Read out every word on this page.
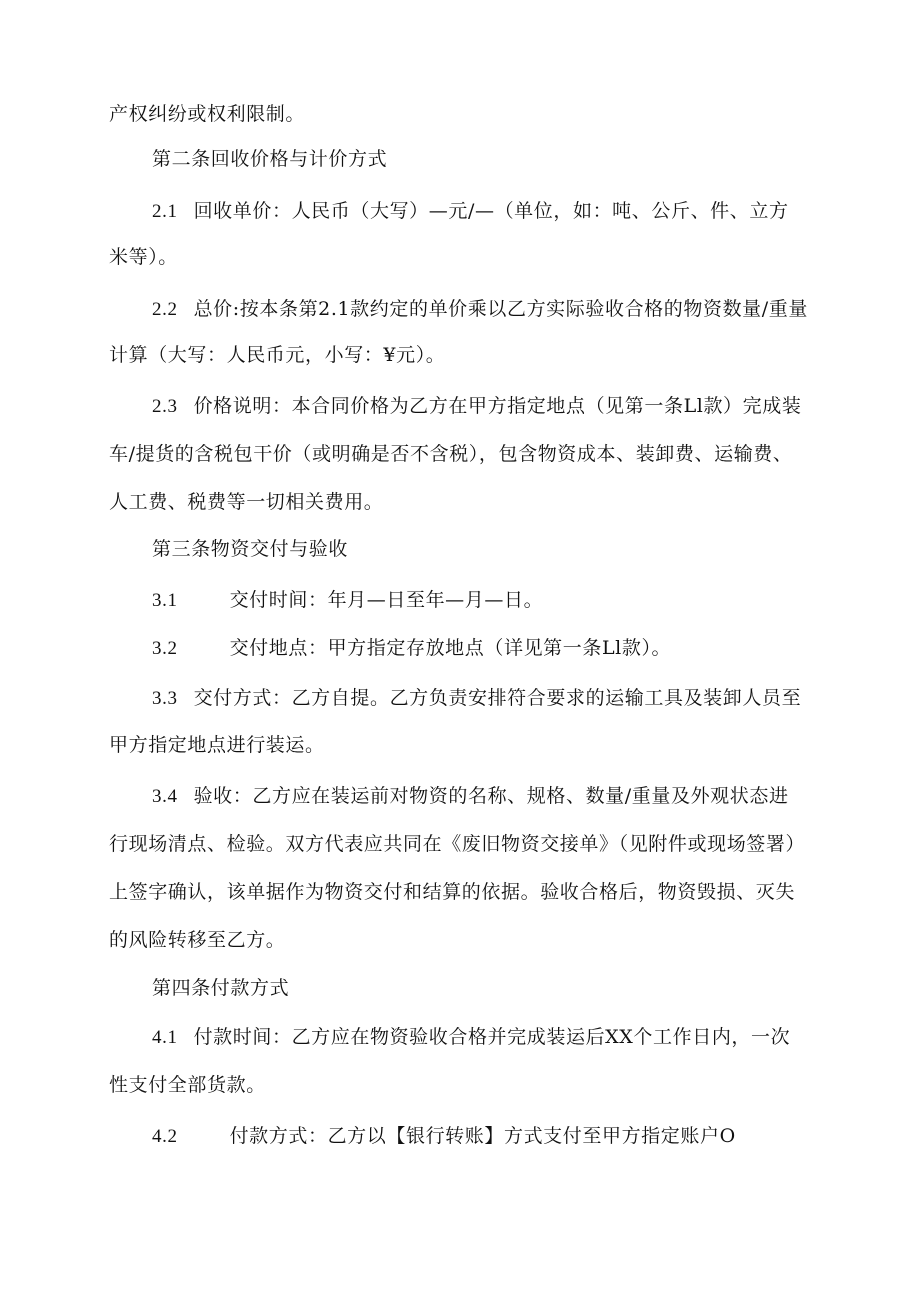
产权纠纷或权利限制。
第二条回收价格与计价方式
2.1 回收单价：人民币（大写）—元/—（单位，如：吨、公斤、件、立方
米等）。
2.2 总价:按本条第2.1款约定的单价乘以乙方实际验收合格的物资数量/重量
计算（大写：人民币元，小写：¥元）。
2.3 价格说明：本合同价格为乙方在甲方指定地点（见第一条Ll款）完成装
车/提货的含税包干价（或明确是否不含税），包含物资成本、装卸费、运输费、
人工费、税费等一切相关费用。
第三条物资交付与验收
3.1	交付时间：年月—日至年—月—日。
3.2	交付地点：甲方指定存放地点（详见第一条Ll款）。
3.3 交付方式：乙方自提。乙方负责安排符合要求的运输工具及装卸人员至
甲方指定地点进行装运。
3.4 验收：乙方应在装运前对物资的名称、规格、数量/重量及外观状态进
行现场清点、检验。双方代表应共同在《废旧物资交接单》（见附件或现场签署）
上签字确认，该单据作为物资交付和结算的依据。验收合格后，物资毁损、灭失
的风险转移至乙方。
第四条付款方式
4.1 付款时间：乙方应在物资验收合格并完成装运后XX个工作日内，一次
性支付全部货款。
4.2	付款方式：乙方以【银行转账】方式支付至甲方指定账户O
